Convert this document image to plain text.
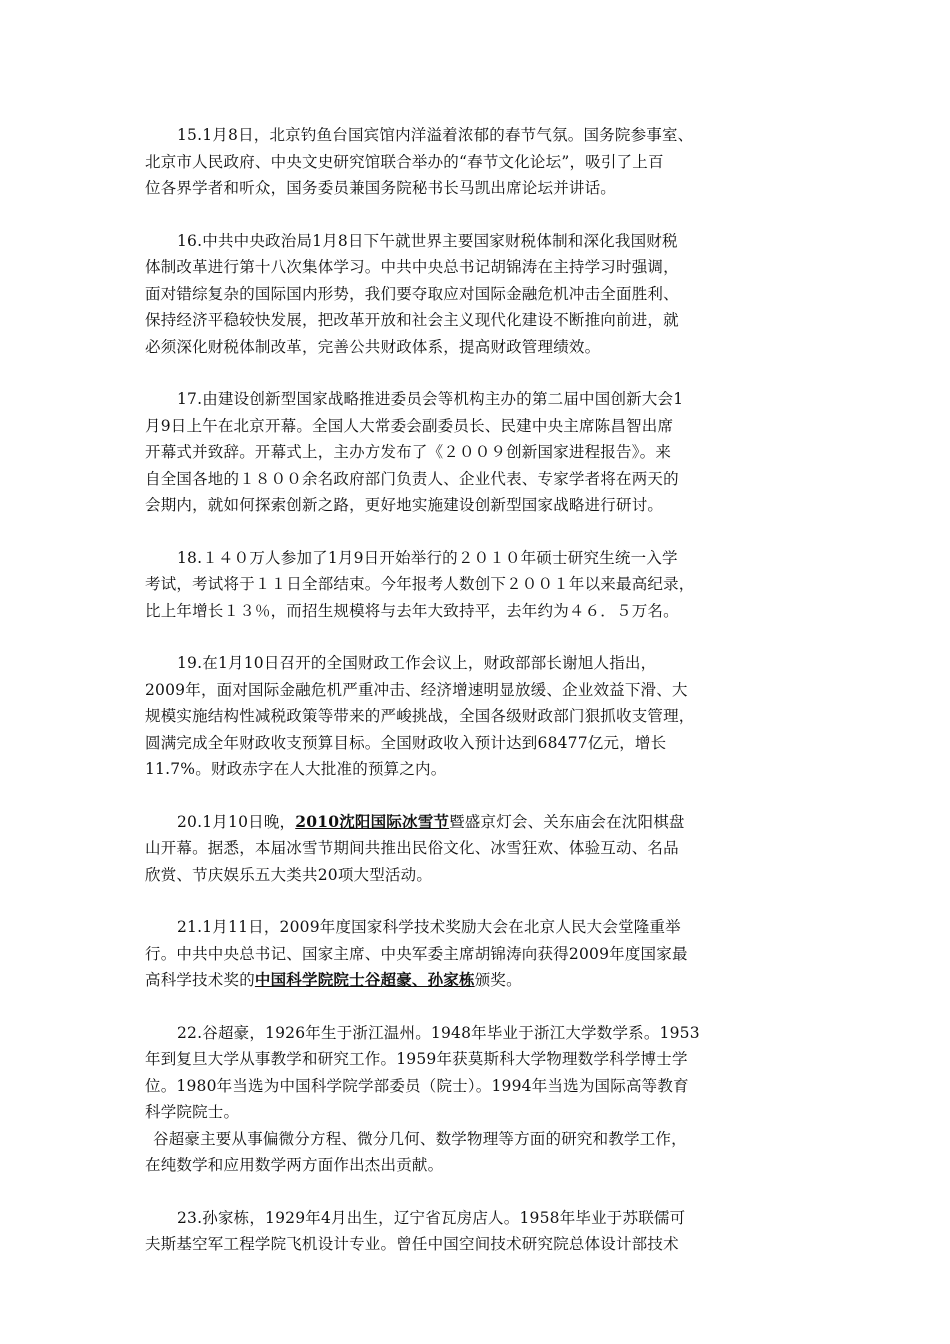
15.1月8日，北京钓鱼台国宾馆内洋溢着浓郁的春节气氛。国务院参事室、

北京市人民政府、中央文史研究馆联合举办的“春节文化论坛”，吸引了上百

位各界学者和听众，国务委员兼国务院秘书长马凯出席论坛并讲话。

16.中共中央政治局1月8日下午就世界主要国家财税体制和深化我国财税

体制改革进行第十八次集体学习。中共中央总书记胡锦涛在主持学习时强调，

面对错综复杂的国际国内形势，我们要夺取应对国际金融危机冲击全面胜利、

保持经济平稳较快发展，把改革开放和社会主义现代化建设不断推向前进，就

必须深化财税体制改革，完善公共财政体系，提高财政管理绩效。

17.由建设创新型国家战略推进委员会等机构主办的第二届中国创新大会1

月9日上午在北京开幕。全国人大常委会副委员长、民建中央主席陈昌智出席

开幕式并致辞。开幕式上，主办方发布了《２００９创新国家进程报告》。来

自全国各地的１８００余名政府部门负责人、企业代表、专家学者将在两天的

会期内，就如何探索创新之路，更好地实施建设创新型国家战略进行研讨。

18.１４０万人参加了1月9日开始举行的２０１０年硕士研究生统一入学

考试，考试将于１１日全部结束。今年报考人数创下２００１年以来最高纪录，

比上年增长１３％，而招生规模将与去年大致持平，去年约为４６．５万名。

19.在1月10日召开的全国财政工作会议上，财政部部长谢旭人指出，

2009年，面对国际金融危机严重冲击、经济增速明显放缓、企业效益下滑、大

规模实施结构性减税政策等带来的严峻挑战，全国各级财政部门狠抓收支管理，

圆满完成全年财政收支预算目标。全国财政收入预计达到68477亿元，增长

11.7%。财政赤字在人大批准的预算之内。

20.1月10日晚，2010沈阳国际冰雪节暨盛京灯会、关东庙会在沈阳棋盘

山开幕。据悉，本届冰雪节期间共推出民俗文化、冰雪狂欢、体验互动、名品

欣赏、节庆娱乐五大类共20项大型活动。

21.1月11日，2009年度国家科学技术奖励大会在北京人民大会堂隆重举

行。中共中央总书记、国家主席、中央军委主席胡锦涛向获得2009年度国家最

高科学技术奖的中国科学院院士谷超豪、孙家栋颁奖。

22.谷超豪，1926年生于浙江温州。1948年毕业于浙江大学数学系。1953

年到复旦大学从事教学和研究工作。1959年获莫斯科大学物理数学科学博士学

位。1980年当选为中国科学院学部委员（院士）。1994年当选为国际高等教育

科学院院士。

谷超豪主要从事偏微分方程、微分几何、数学物理等方面的研究和教学工作，

在纯数学和应用数学两方面作出杰出贡献。

23.孙家栋，1929年4月出生，辽宁省瓦房店人。1958年毕业于苏联儒可

夫斯基空军工程学院飞机设计专业。曾任中国空间技术研究院总体设计部技术
